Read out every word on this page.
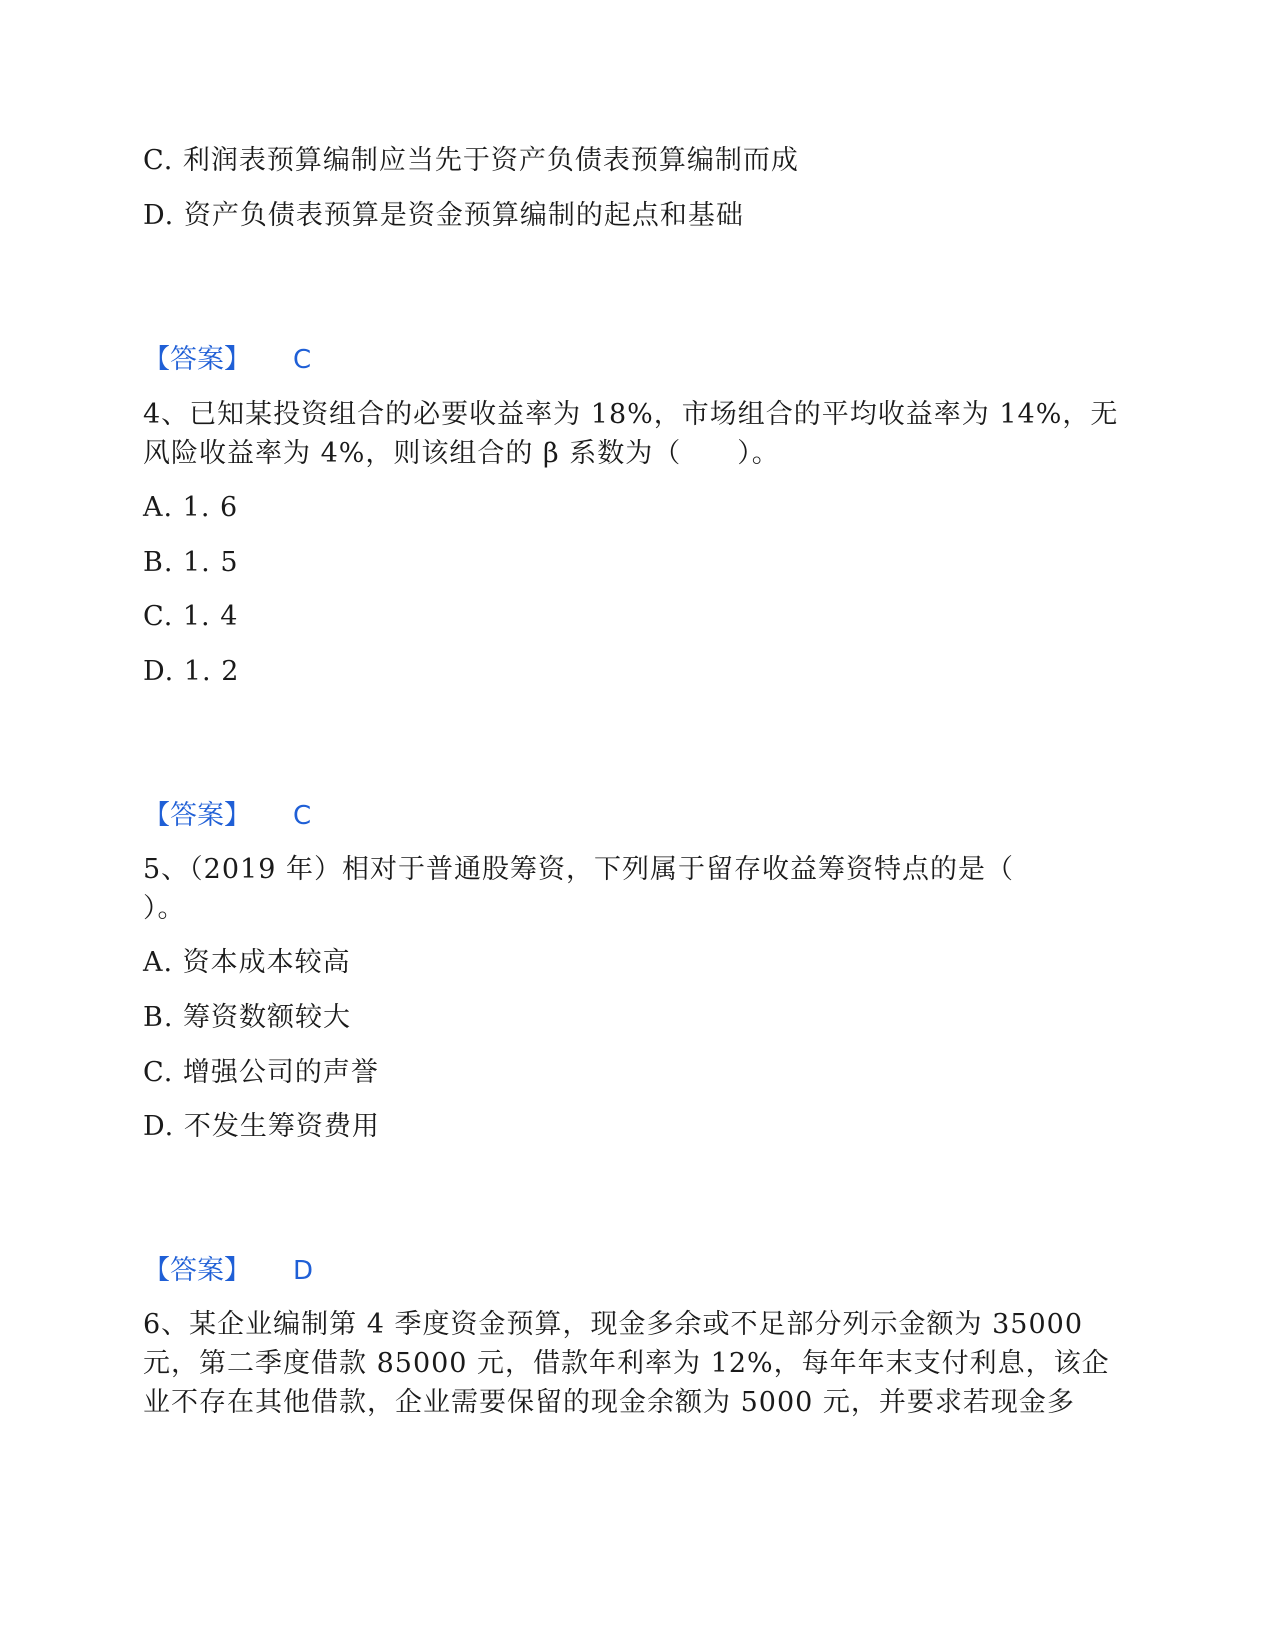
C. 利润表预算编制应当先于资产负债表预算编制而成
D. 资产负债表预算是资金预算编制的起点和基础
【答案】 C
4、已知某投资组合的必要收益率为 18%，市场组合的平均收益率为 14%，无
风险收益率为 4%，则该组合的 β 系数为（　　）。
A. 1. 6
B. 1. 5
C. 1. 4
D. 1. 2
【答案】 C
5、（2019 年）相对于普通股筹资，下列属于留存收益筹资特点的是（
）。
A. 资本成本较高
B. 筹资数额较大
C. 增强公司的声誉
D. 不发生筹资费用
【答案】 D
6、某企业编制第 4 季度资金预算，现金多余或不足部分列示金额为 35000
元，第二季度借款 85000 元，借款年利率为 12%，每年年末支付利息，该企
业不存在其他借款，企业需要保留的现金余额为 5000 元，并要求若现金多
